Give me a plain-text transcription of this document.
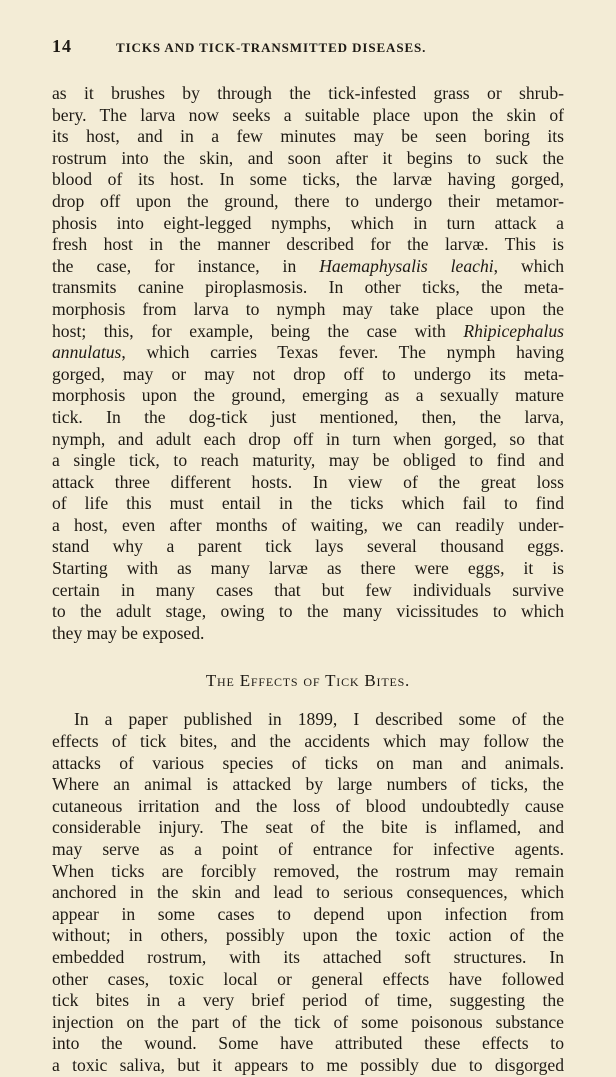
14	TICKS AND TICK-TRANSMITTED DISEASES.

as it brushes by through the tick-infested grass or shrub-
bery. The larva now seeks a suitable place upon the skin of
its host, and in a few minutes may be seen boring its
rostrum into the skin, and soon after it begins to suck the
blood of its host. In some ticks, the larvæ having gorged,
drop off upon the ground, there to undergo their metamor-
phosis into eight-legged nymphs, which in turn attack a
fresh host in the manner described for the larvæ. This is
the case, for instance, in Haemaphysalis leachi, which
transmits canine piroplasmosis. In other ticks, the meta-
morphosis from larva to nymph may take place upon the
host; this, for example, being the case with Rhipicephalus
annulatus, which carries Texas fever. The nymph having
gorged, may or may not drop off to undergo its meta-
morphosis upon the ground, emerging as a sexually mature
tick. In the dog-tick just mentioned, then, the larva,
nymph, and adult each drop off in turn when gorged, so that
a single tick, to reach maturity, may be obliged to find and
attack three different hosts. In view of the great loss
of life this must entail in the ticks which fail to find
a host, even after months of waiting, we can readily under-
stand why a parent tick lays several thousand eggs.
Starting with as many larvæ as there were eggs, it is
certain in many cases that but few individuals survive
to the adult stage, owing to the many vicissitudes to which
they may be exposed.

The Effects of Tick Bites.

In a paper published in 1899, I described some of the
effects of tick bites, and the accidents which may follow the
attacks of various species of ticks on man and animals.
Where an animal is attacked by large numbers of ticks, the
cutaneous irritation and the loss of blood undoubtedly cause
considerable injury. The seat of the bite is inflamed, and
may serve as a point of entrance for infective agents.
When ticks are forcibly removed, the rostrum may remain
anchored in the skin and lead to serious consequences, which
appear in some cases to depend upon infection from
without; in others, possibly upon the toxic action of the
embedded rostrum, with its attached soft structures. In
other cases, toxic local or general effects have followed
tick bites in a very brief period of time, suggesting the
injection on the part of the tick of some poisonous substance
into the wound. Some have attributed these effects to
a toxic saliva, but it appears to me possibly due to disgorged
